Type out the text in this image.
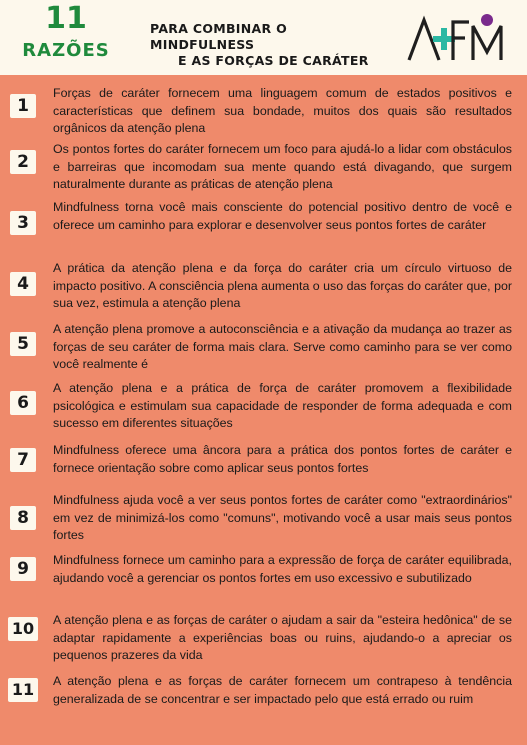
11
RAZÕES
PARA COMBINAR O MINDFULNESS
E AS FORÇAS DE CARÁTER
1
Forças de caráter fornecem uma linguagem comum de estados positivos e características que definem sua bondade, muitos dos quais são resultados orgânicos da atenção plena
2
Os pontos fortes do caráter fornecem um foco para ajudá-lo a lidar com obstáculos e barreiras que incomodam sua mente quando está divagando, que surgem naturalmente durante as práticas de atenção plena
3
Mindfulness torna você mais consciente do potencial positivo dentro de você e oferece um caminho para explorar e desenvolver seus pontos fortes de caráter
4
A prática da atenção plena e da força do caráter cria um círculo virtuoso de impacto positivo. A consciência plena aumenta o uso das forças do caráter que, por sua vez, estimula a atenção plena
5
A atenção plena promove a autoconsciência e a ativação da mudança ao trazer as forças de seu caráter de forma mais clara. Serve como caminho para se ver como você realmente é
6
A atenção plena e a prática de força de caráter promovem a flexibilidade psicológica e estimulam sua capacidade de responder de forma adequada e com sucesso em diferentes situações
7	Mindfulness oferece uma âncora para a prática dos pontos fortes de caráter e fornece orientação sobre como aplicar seus pontos fortes
8
Mindfulness ajuda você a ver seus pontos fortes de caráter como "extraordinários" em vez de minimizá-los como "comuns", motivando você a usar mais seus pontos fortes
9	Mindfulness fornece um caminho para a expressão de força de caráter equilibrada, ajudando você a gerenciar os pontos fortes em uso excessivo e subutilizado
10	A atenção plena e as forças de caráter o ajudam a sair da "esteira hedônica" de se adaptar rapidamente a experiências boas ou ruins, ajudando-o a apreciar os pequenos prazeres da vida
11	A atenção plena e as forças de caráter fornecem um contrapeso à tendência generalizada de se concentrar e ser impactado pelo que está errado ou ruim
